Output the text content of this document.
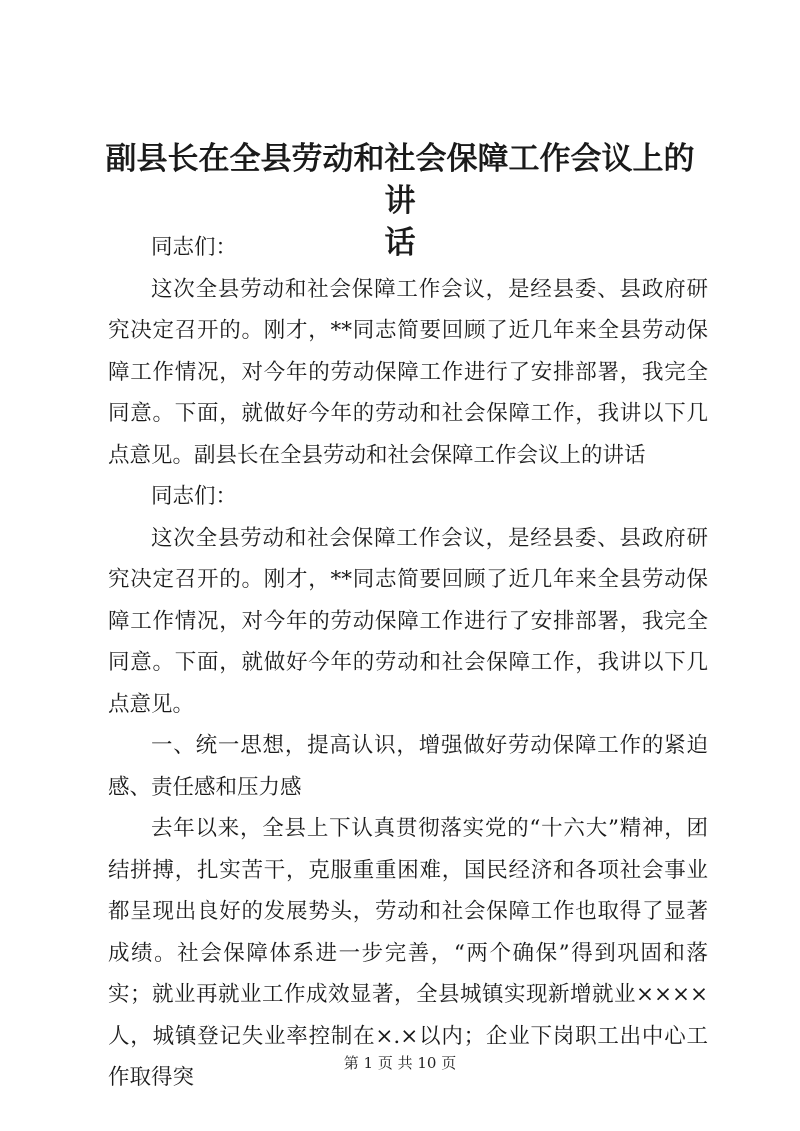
副县长在全县劳动和社会保障工作会议上的讲
话

同志们：

这次全县劳动和社会保障工作会议，是经县委、县政府研究决定召开的。刚才，**同志简要回顾了近几年来全县劳动保障工作情况，对今年的劳动保障工作进行了安排部署，我完全同意。下面，就做好今年的劳动和社会保障工作，我讲以下几点意见。副县长在全县劳动和社会保障工作会议上的讲话

同志们：

这次全县劳动和社会保障工作会议，是经县委、县政府研究决定召开的。刚才，**同志简要回顾了近几年来全县劳动保障工作情况，对今年的劳动保障工作进行了安排部署，我完全同意。下面，就做好今年的劳动和社会保障工作，我讲以下几点意见。

一、统一思想，提高认识，增强做好劳动保障工作的紧迫感、责任感和压力感

去年以来，全县上下认真贯彻落实党的“十六大”精神，团结拼搏，扎实苦干，克服重重困难，国民经济和各项社会事业都呈现出良好的发展势头，劳动和社会保障工作也取得了显著成绩。社会保障体系进一步完善，“两个确保”得到巩固和落实；就业再就业工作成效显著，全县城镇实现新增就业××××人，城镇登记失业率控制在×.×以内；企业下岗职工出中心工作取得突

第 1 页 共 10 页
